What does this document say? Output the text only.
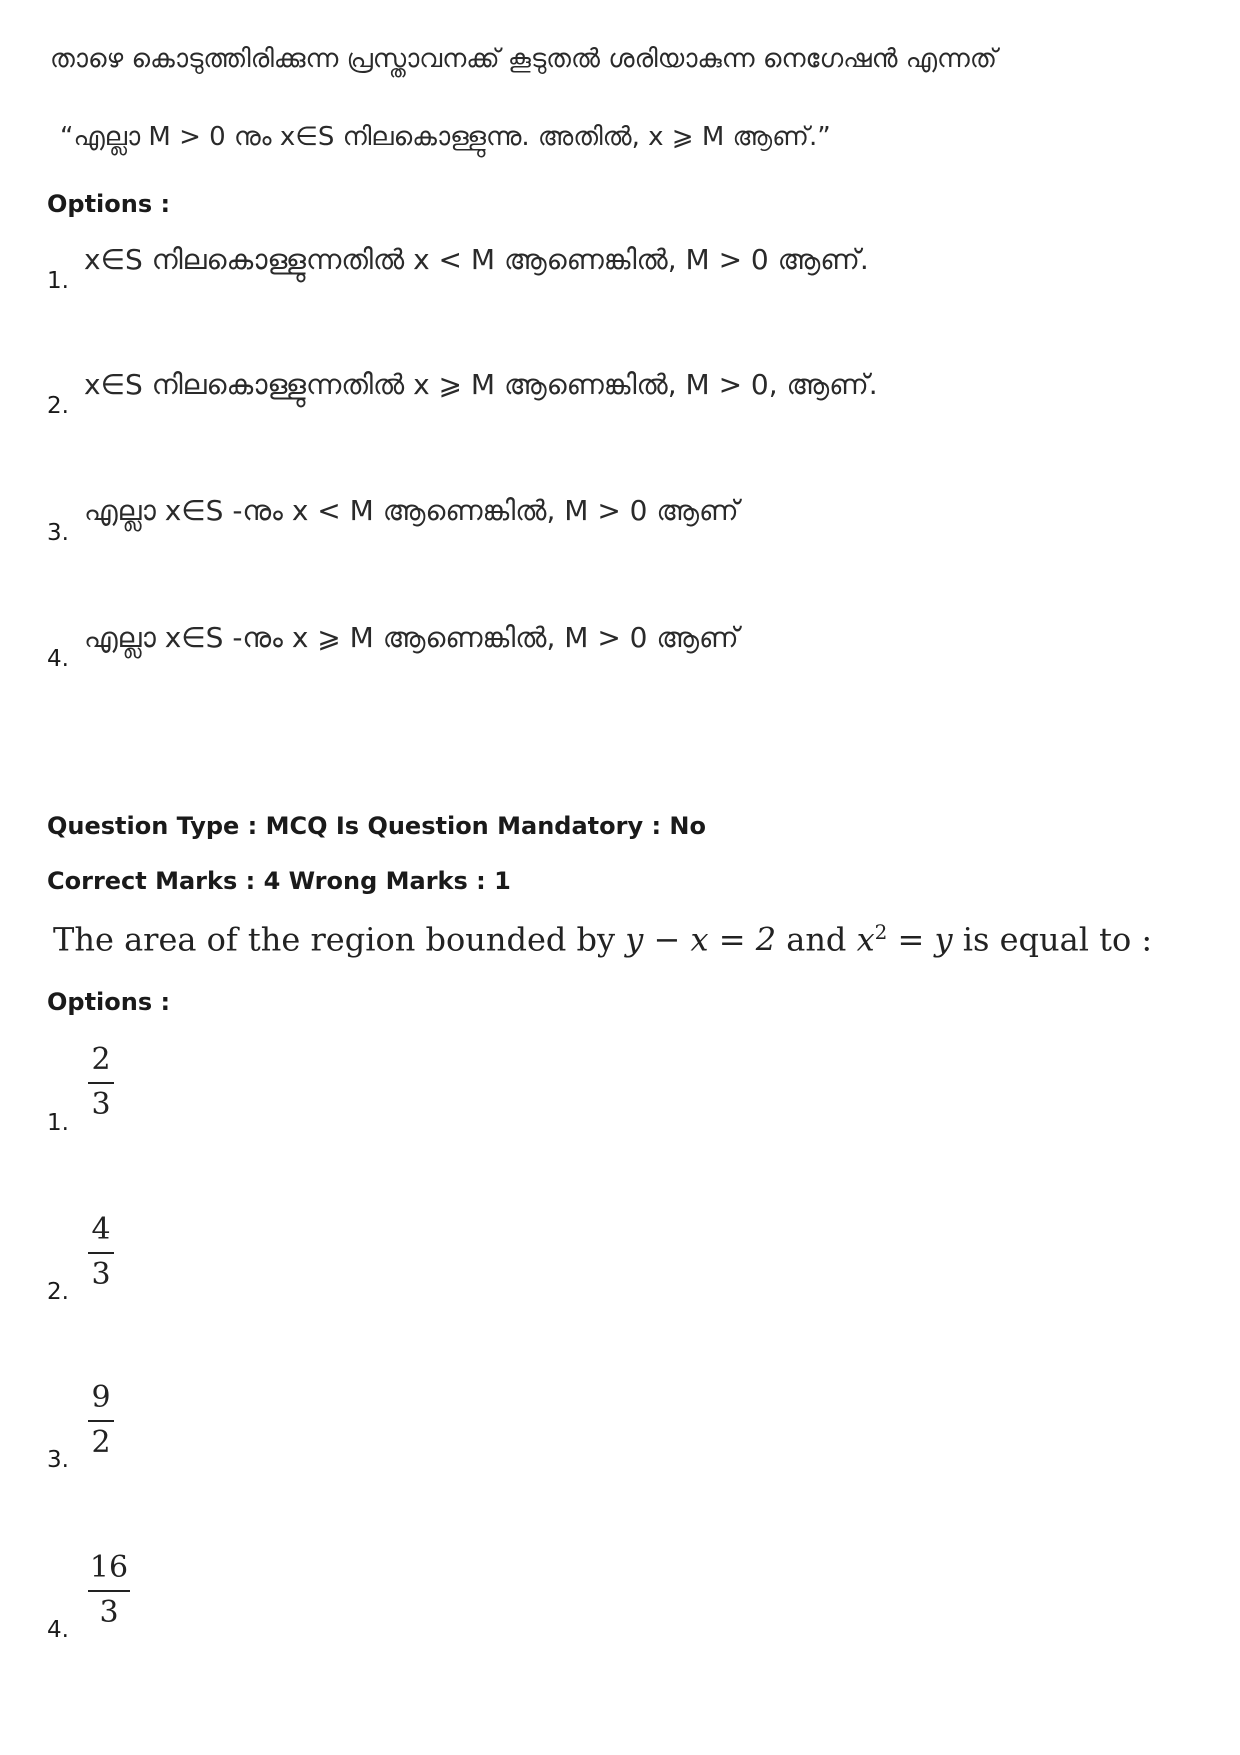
താഴെ കൊടുത്തിരിക്കുന്ന പ്രസ്താവനക്ക് കൂടുതൽ ശരിയാകുന്ന നെഗേഷൻ എന്നത്
“എല്ലാ M > 0 നും x∈S നിലകൊള്ളുന്നു. അതിൽ, x ⩾ M ആണ്.”
Options :
1.
x∈S നിലകൊള്ളുന്നതിൽ x < M ആണെങ്കിൽ, M > 0 ആണ്.
2.
x∈S നിലകൊള്ളുന്നതിൽ x ⩾ M ആണെങ്കിൽ, M > 0, ആണ്.
3.
എല്ലാ x∈S -നും x < M ആണെങ്കിൽ, M > 0 ആണ്
4.
എല്ലാ x∈S -നും x ⩾ M ആണെങ്കിൽ, M > 0 ആണ്
Question Type : MCQ Is Question Mandatory : No
Correct Marks : 4 Wrong Marks : 1
The area of the region bounded by y − x = 2 and $x^2 = y$ is equal to :
Options :
1.
2
3
2.
4
3
3.
9
2
4.
16
3
